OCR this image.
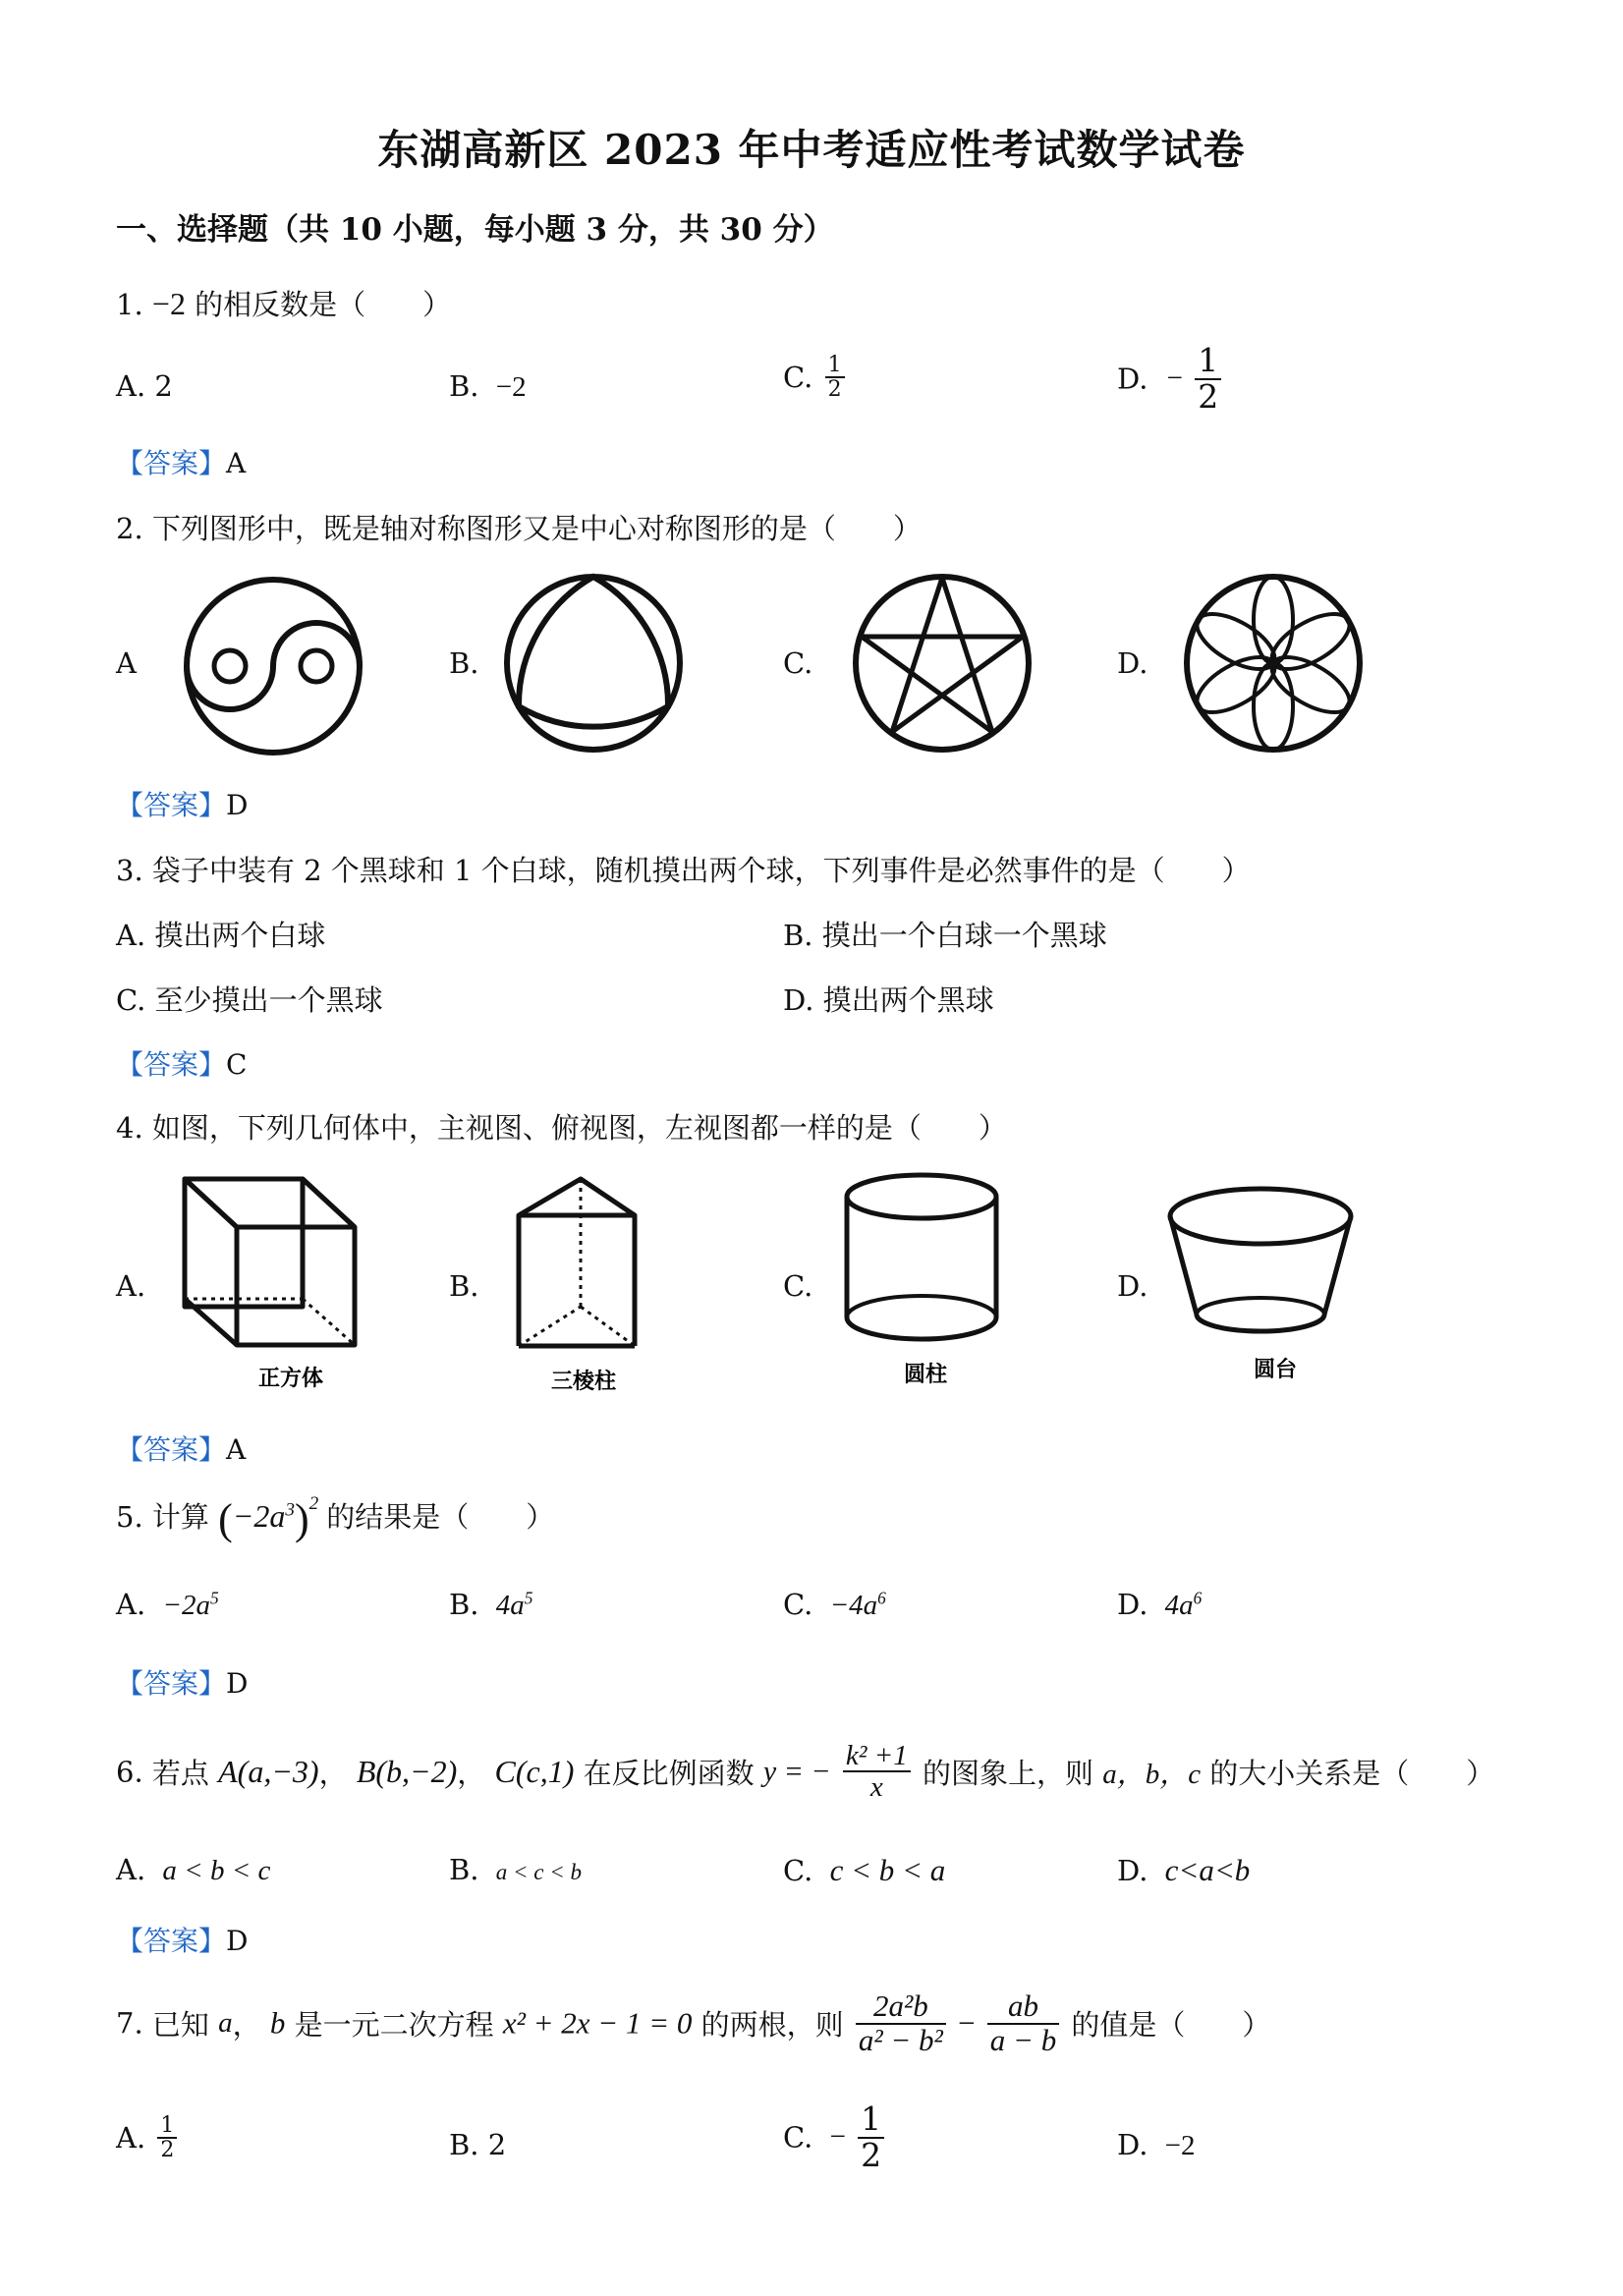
东湖高新区 2023 年中考适应性考试数学试卷
一、选择题（共 10 小题，每小题 3 分，共 30 分）
1. −2 的相反数是（　　）
A. 2	B. −2	C. $\frac{1}{2}$	D. − $\frac{1}{2}$
【答案】A
2. 下列图形中，既是轴对称图形又是中心对称图形的是（　　）
A	B.	C.	D.
【答案】D
3. 袋子中装有 2 个黑球和 1 个白球，随机摸出两个球，下列事件是必然事件的是（　　）
A. 摸出两个白球	B. 摸出一个白球一个黑球
C. 至少摸出一个黑球	D. 摸出两个黑球
【答案】C
4. 如图，下列几何体中，主视图、俯视图，左视图都一样的是（　　）
A.	B.	C.	D.
正方体	三棱柱	圆柱	圆台
【答案】A
5. 计算 $(-2a^3)^2$ 的结果是（　　）
A. $-2a^5$	B. $4a^5$	C. $-4a^6$	D. $4a^6$
【答案】D
6. 若点 A(a,−3)， B(b,−2)， C(c,1) 在反比例函数 y = − $\frac{\text{k² +1}}{x}$ 的图象上，则 a，b，c 的大小关系是（　　）
A. a < b < c	B. a < c < b	C. c < b < a	D. c<a<b
【答案】D
7. 已知 a， b 是一元二次方程 x² + 2x − 1 = 0 的两根，则 $\frac{\text{2a²b}}{\text{a² − b²}} - \frac{ab}{a - b}$ 的值是（　　）
A. $\frac{1}{2}$	B. 2	C. − $\frac{1}{2}$	D. −2
